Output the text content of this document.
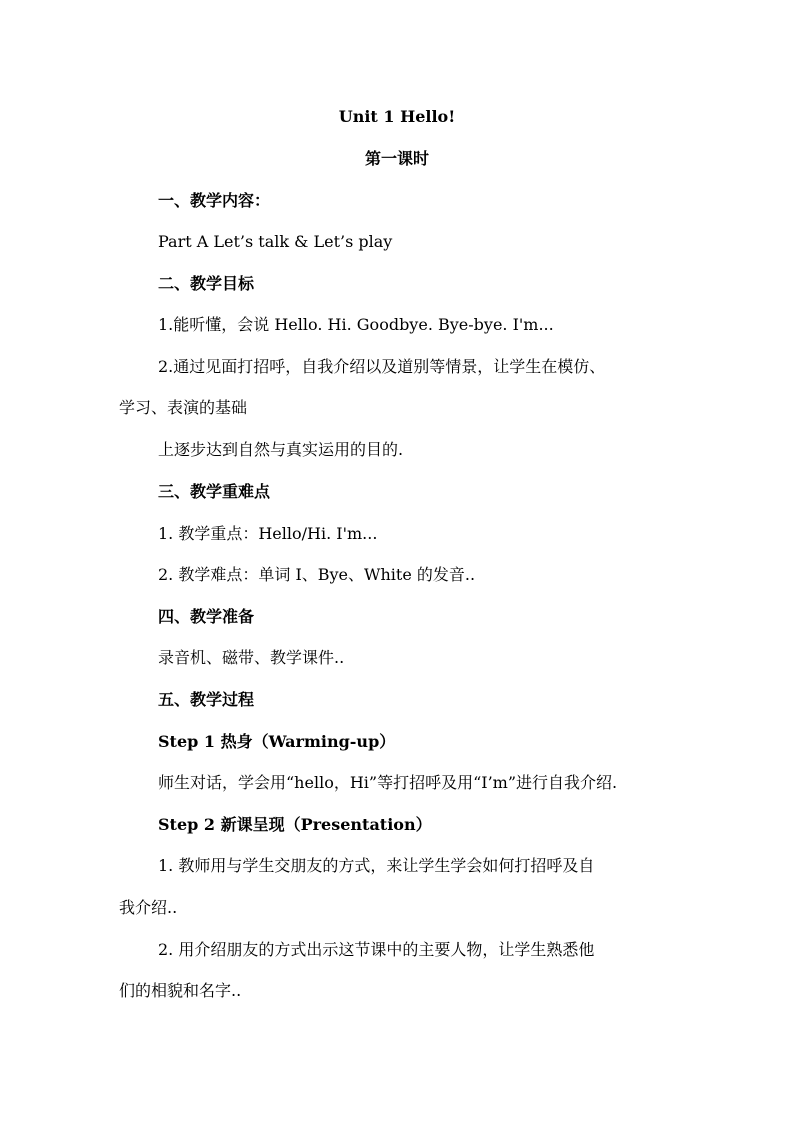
Unit 1 Hello!
第一课时
一、教学内容：
Part A Let’s talk & Let’s play
二、教学目标
1.能听懂，会说 Hello. Hi. Goodbye. Bye-bye. I'm...
2.通过见面打招呼，自我介绍以及道别等情景，让学生在模仿、
学习、表演的基础
上逐步达到自然与真实运用的目的.
三、教学重难点
1. 教学重点：Hello/Hi. I'm...
2. 教学难点：单词 I、Bye、White 的发音..
四、教学准备
录音机、磁带、教学课件..
五、教学过程
Step 1 热身（Warming-up）
师生对话，学会用“hello，Hi”等打招呼及用“I’m”进行自我介绍.
Step 2 新课呈现（Presentation）
1. 教师用与学生交朋友的方式，来让学生学会如何打招呼及自
我介绍..
2. 用介绍朋友的方式出示这节课中的主要人物，让学生熟悉他
们的相貌和名字..
